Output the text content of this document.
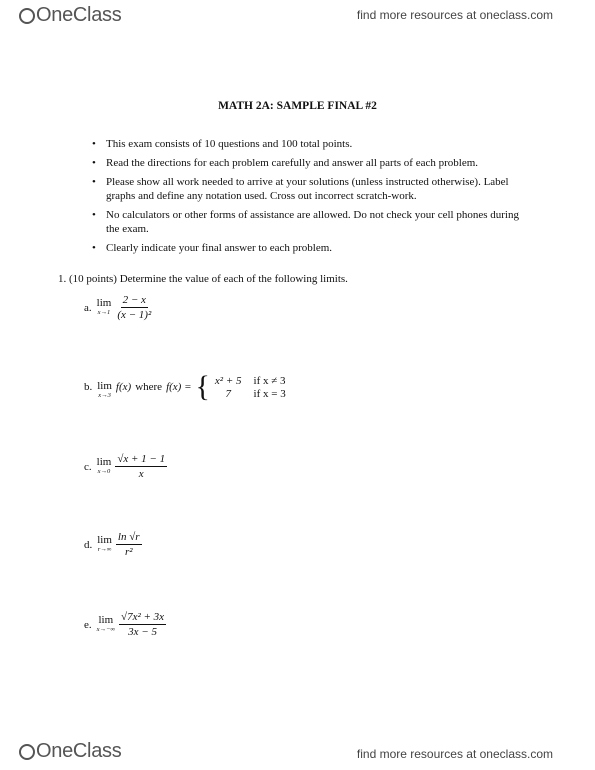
OneClass	find more resources at oneclass.com
MATH 2A: SAMPLE FINAL #2
• This exam consists of 10 questions and 100 total points.
• Read the directions for each problem carefully and answer all parts of each problem.
• Please show all work needed to arrive at your solutions (unless instructed otherwise). Label graphs and define any notation used. Cross out incorrect scratch-work.
• No calculators or other forms of assistance are allowed. Do not check your cell phones during the exam.
• Clearly indicate your final answer to each problem.
1. (10 points) Determine the value of each of the following limits.
a. lim
$x\to 1 \frac{2 - x}{\text{(x − 1)²}}$
b. lim
x→3
f(x) where f(x) = { x² + 5 if x ≠ 3
7	if x = 3
c. lim
$x\to 0 \frac{√x + 1 - 1}{x}$
d. lim
$r\to\infty \frac{\ln √r}{\text{r²}}$
e. lim
$x\to-\infty \frac{\text{√7x² + 3x}}{3x - 5}$
OneClass	find more resources at oneclass.com
